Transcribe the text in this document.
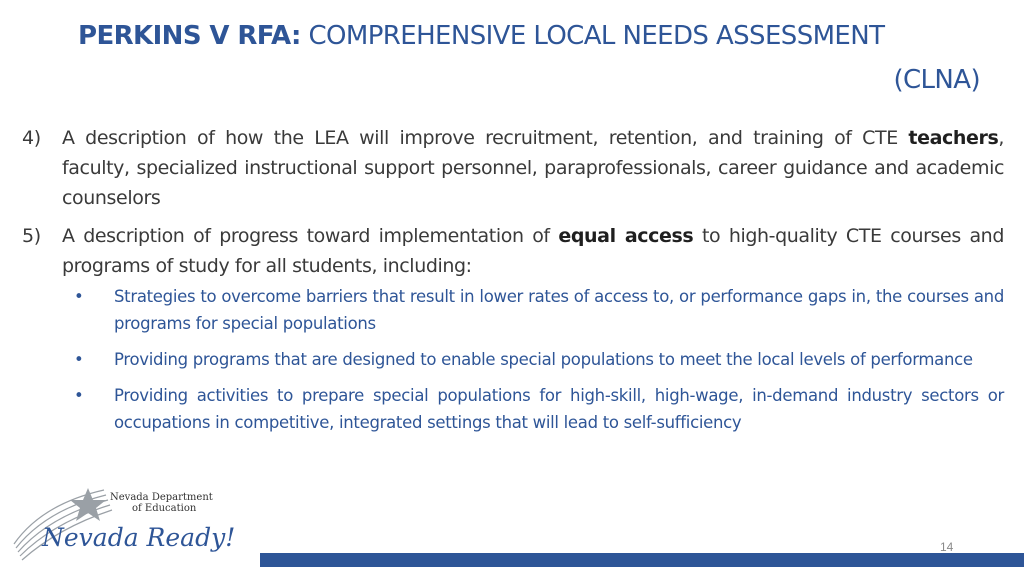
PERKINS V RFA: COMPREHENSIVE LOCAL NEEDS ASSESSMENT
(CLNA)
4) A description of how the LEA will improve recruitment, retention, and training of CTE teachers, faculty, specialized instructional support personnel, paraprofessionals, career guidance and academic counselors
5) A description of progress toward implementation of equal access to high-quality CTE courses and programs of study for all students, including:
• Strategies to overcome barriers that result in lower rates of access to, or performance gaps in, the courses and programs for special populations
• Providing programs that are designed to enable special populations to meet the local levels of performance
• Providing activities to prepare special populations for high-skill, high-wage, in-demand industry sectors or occupations in competitive, integrated settings that will lead to self-sufficiency
Nevada Department
of Education
Nevada Ready!	14
